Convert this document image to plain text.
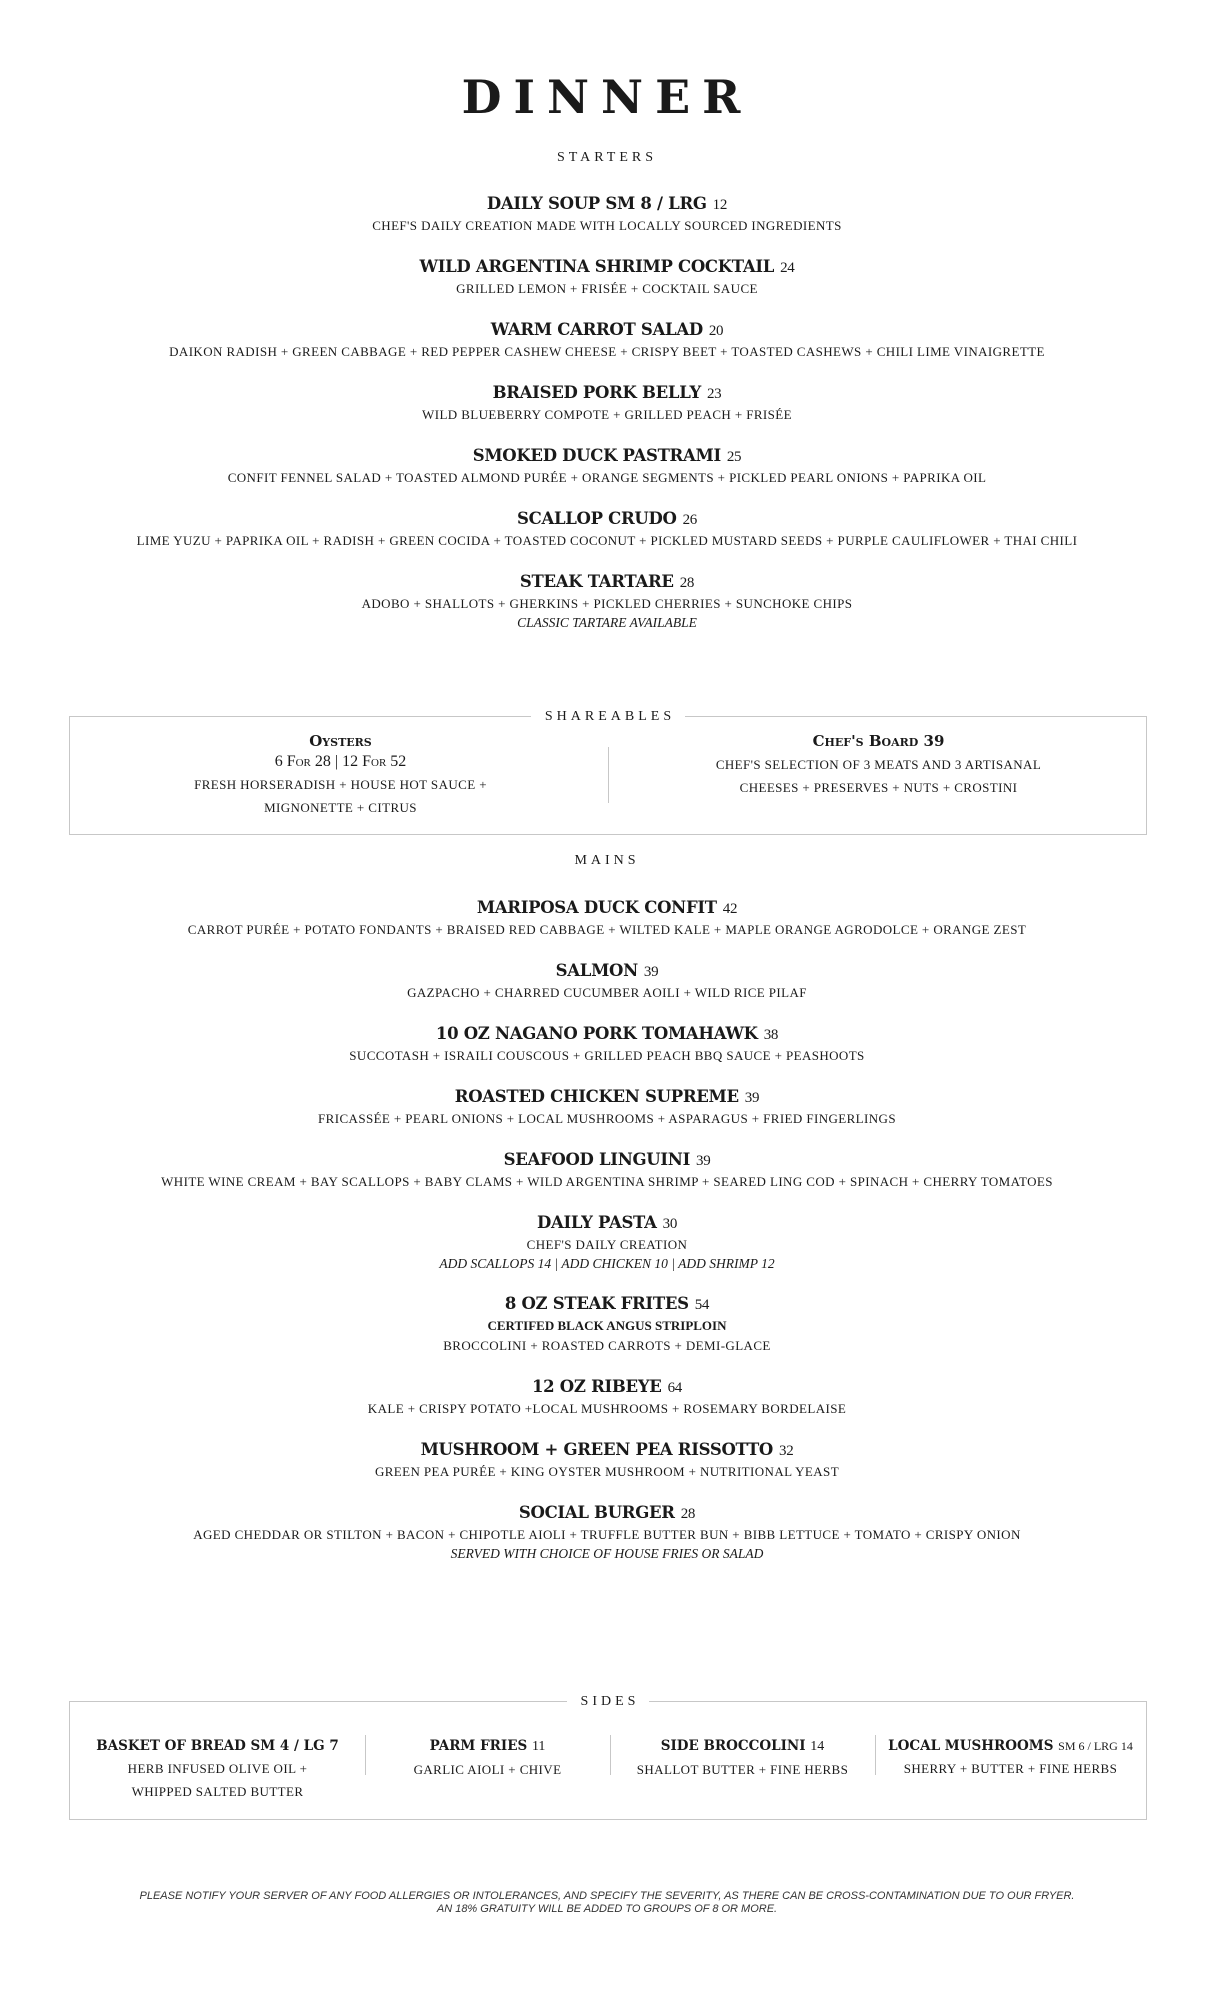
DINNER
STARTERS
DAILY SOUP SM 8 / LRG 12
CHEF'S DAILY CREATION MADE WITH LOCALLY SOURCED INGREDIENTS
WILD ARGENTINA SHRIMP COCKTAIL 24
GRILLED LEMON + FRISÉE + COCKTAIL SAUCE
WARM CARROT SALAD 20
DAIKON RADISH + GREEN CABBAGE + RED PEPPER CASHEW CHEESE + CRISPY BEET + TOASTED CASHEWS + CHILI LIME VINAIGRETTE
BRAISED PORK BELLY 23
WILD BLUEBERRY COMPOTE + GRILLED PEACH + FRISÉE
SMOKED DUCK PASTRAMI 25
CONFIT FENNEL SALAD + TOASTED ALMOND PURÉE + ORANGE SEGMENTS + PICKLED PEARL ONIONS + PAPRIKA OIL
SCALLOP CRUDO 26
LIME YUZU + PAPRIKA OIL + RADISH + GREEN COCIDA + TOASTED COCONUT + PICKLED MUSTARD SEEDS + PURPLE CAULIFLOWER + THAI CHILI
STEAK TARTARE 28
ADOBO + SHALLOTS + GHERKINS + PICKLED CHERRIES + SUNCHOKE CHIPS
CLASSIC TARTARE AVAILABLE
SHAREABLES
Oysters
6 For 28 | 12 For 52
FRESH HORSERADISH + HOUSE HOT SAUCE +
MIGNONETTE + CITRUS
Chef's Board 39
CHEF'S SELECTION OF 3 MEATS AND 3 ARTISANAL
CHEESES + PRESERVES + NUTS + CROSTINI
MAINS
MARIPOSA DUCK CONFIT 42
CARROT PURÉE + POTATO FONDANTS + BRAISED RED CABBAGE + WILTED KALE + MAPLE ORANGE AGRODOLCE + ORANGE ZEST
SALMON 39
GAZPACHO + CHARRED CUCUMBER AOILI + WILD RICE PILAF
10 OZ NAGANO PORK TOMAHAWK 38
SUCCOTASH + ISRAILI COUSCOUS + GRILLED PEACH BBQ SAUCE + PEASHOOTS
ROASTED CHICKEN SUPREME 39
FRICASSÉE + PEARL ONIONS + LOCAL MUSHROOMS + ASPARAGUS + FRIED FINGERLINGS
SEAFOOD LINGUINI 39
WHITE WINE CREAM + BAY SCALLOPS + BABY CLAMS + WILD ARGENTINA SHRIMP + SEARED LING COD + SPINACH + CHERRY TOMATOES
DAILY PASTA 30
CHEF'S DAILY CREATION
ADD SCALLOPS 14 | ADD CHICKEN 10 | ADD SHRIMP 12
8 OZ STEAK FRITES 54
CERTIFED BLACK ANGUS STRIPLOIN
BROCCOLINI + ROASTED CARROTS + DEMI-GLACE
12 OZ RIBEYE 64
KALE + CRISPY POTATO +LOCAL MUSHROOMS + ROSEMARY BORDELAISE
MUSHROOM + GREEN PEA RISSOTTO 32
GREEN PEA PURÉE + KING OYSTER MUSHROOM + NUTRITIONAL YEAST
SOCIAL BURGER 28
AGED CHEDDAR OR STILTON + BACON + CHIPOTLE AIOLI + TRUFFLE BUTTER BUN + BIBB LETTUCE + TOMATO + CRISPY ONION
SERVED WITH CHOICE OF HOUSE FRIES OR SALAD
SIDES
BASKET OF BREAD SM 4 / LG 7
HERB INFUSED OLIVE OIL +
WHIPPED SALTED BUTTER
PARM FRIES 11
GARLIC AIOLI + CHIVE
SIDE BROCCOLINI 14
SHALLOT BUTTER + FINE HERBS
LOCAL MUSHROOMS SM 6 / LRG 14
SHERRY + BUTTER + FINE HERBS
PLEASE NOTIFY YOUR SERVER OF ANY FOOD ALLERGIES OR INTOLERANCES, AND SPECIFY THE SEVERITY, AS THERE CAN BE CROSS-CONTAMINATION DUE TO OUR FRYER.
AN 18% GRATUITY WILL BE ADDED TO GROUPS OF 8 OR MORE.
